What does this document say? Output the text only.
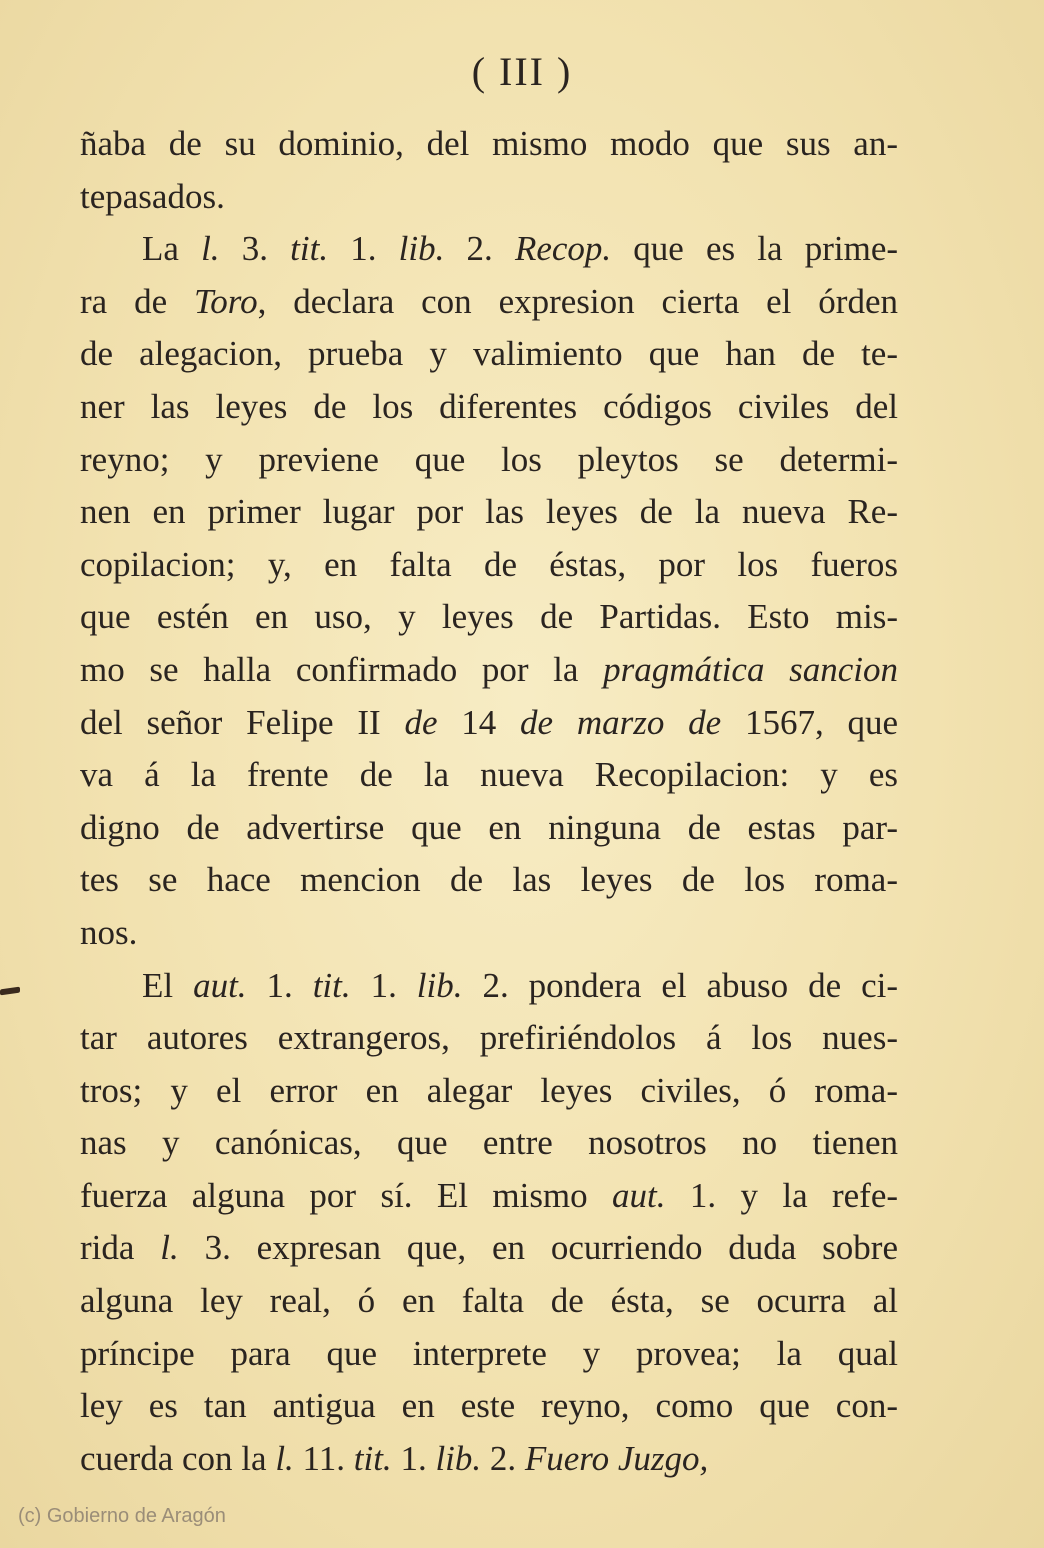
( III )
ñaba de su dominio, del mismo modo que sus an-
tepasados.
La l. 3. tit. 1. lib. 2. Recop. que es la prime-
ra de Toro, declara con expresion cierta el órden
de alegacion, prueba y valimiento que han de te-
ner las leyes de los diferentes códigos civiles del
reyno; y previene que los pleytos se determi-
nen en primer lugar por las leyes de la nueva Re-
copilacion; y, en falta de éstas, por los fueros
que estén en uso, y leyes de Partidas. Esto mis-
mo se halla confirmado por la pragmática sancion
del señor Felipe II de 14 de marzo de 1567, que
va á la frente de la nueva Recopilacion: y es
digno de advertirse que en ninguna de estas par-
tes se hace mencion de las leyes de los roma-
nos.
El aut. 1. tit. 1. lib. 2. pondera el abuso de ci-
tar autores extrangeros, prefiriéndolos á los nues-
tros; y el error en alegar leyes civiles, ó roma-
nas y canónicas, que entre nosotros no tienen
fuerza alguna por sí. El mismo aut. 1. y la refe-
rida l. 3. expresan que, en ocurriendo duda sobre
alguna ley real, ó en falta de ésta, se ocurra al
príncipe para que interprete y provea; la qual
ley es tan antigua en este reyno, como que con-
cuerda con la l. 11. tit. 1. lib. 2. Fuero Juzgo,
(c) Gobierno de Aragón
